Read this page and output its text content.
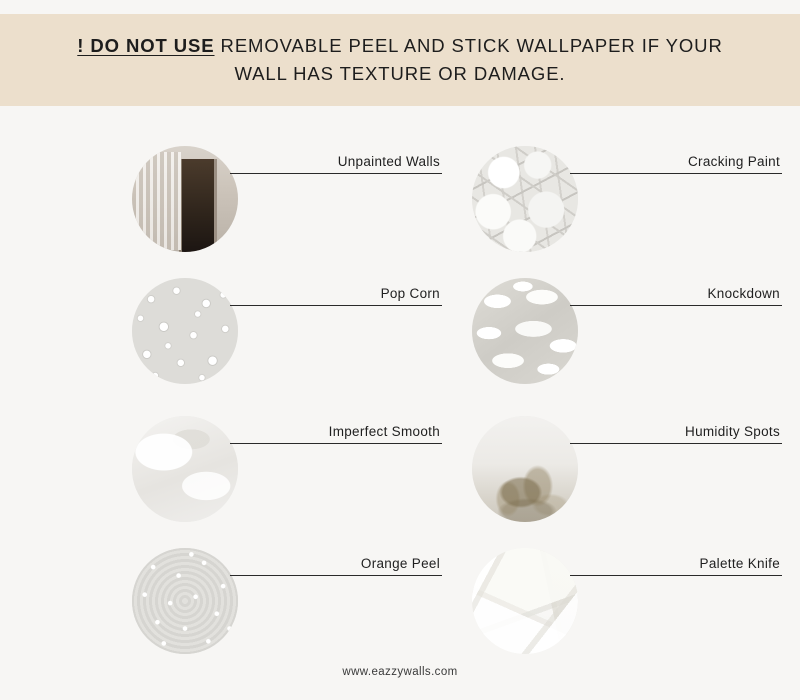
! DO NOT USE REMOVABLE PEEL AND STICK WALLPAPER IF YOUR WALL HAS TEXTURE OR DAMAGE.
Unpainted Walls	Cracking Paint
Pop Corn	Knockdown
Imperfect Smooth	Humidity Spots
Orange Peel	Palette Knife
www.eazzywalls.com
